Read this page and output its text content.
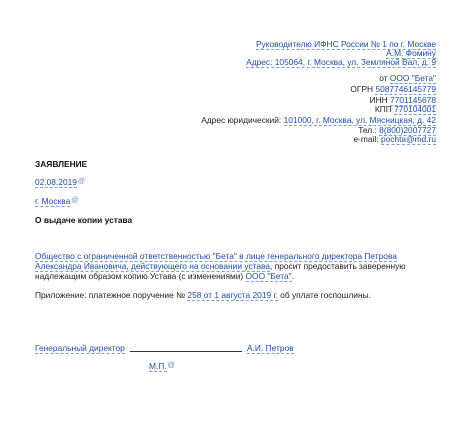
Руководителю ИФНС России № 1 по г. Москве
А.М. Фомину
Адрес: 105064, г. Москва, ул. Земляной Вал, д. 9
от ООО "Бета"
ОГРН 5087746145779
ИНН 7701145678
КПП 770104001
Адрес юридический: 101000, г. Москва, ул. Мясницкая, д. 42
Тел.: 8(800)2007727
e-mail: pochta@md.ru
ЗАЯВЛЕНИЕ
02.08.2019@
г. Москва@
О выдаче копии устава
Общество с ограниченной ответственностью "Бета" в лице генерального директора Петрова
Александра Ивановича, действующего на основании устава, просит предоставить заверенную
надлежащим образом копию Устава (с изменениями) ООО "Бета".
Приложение: платежное поручение № 258 от 1 августа 2019 г. об уплате госпошлины.
Генеральный директор	А.И. Петров
М.П.@
